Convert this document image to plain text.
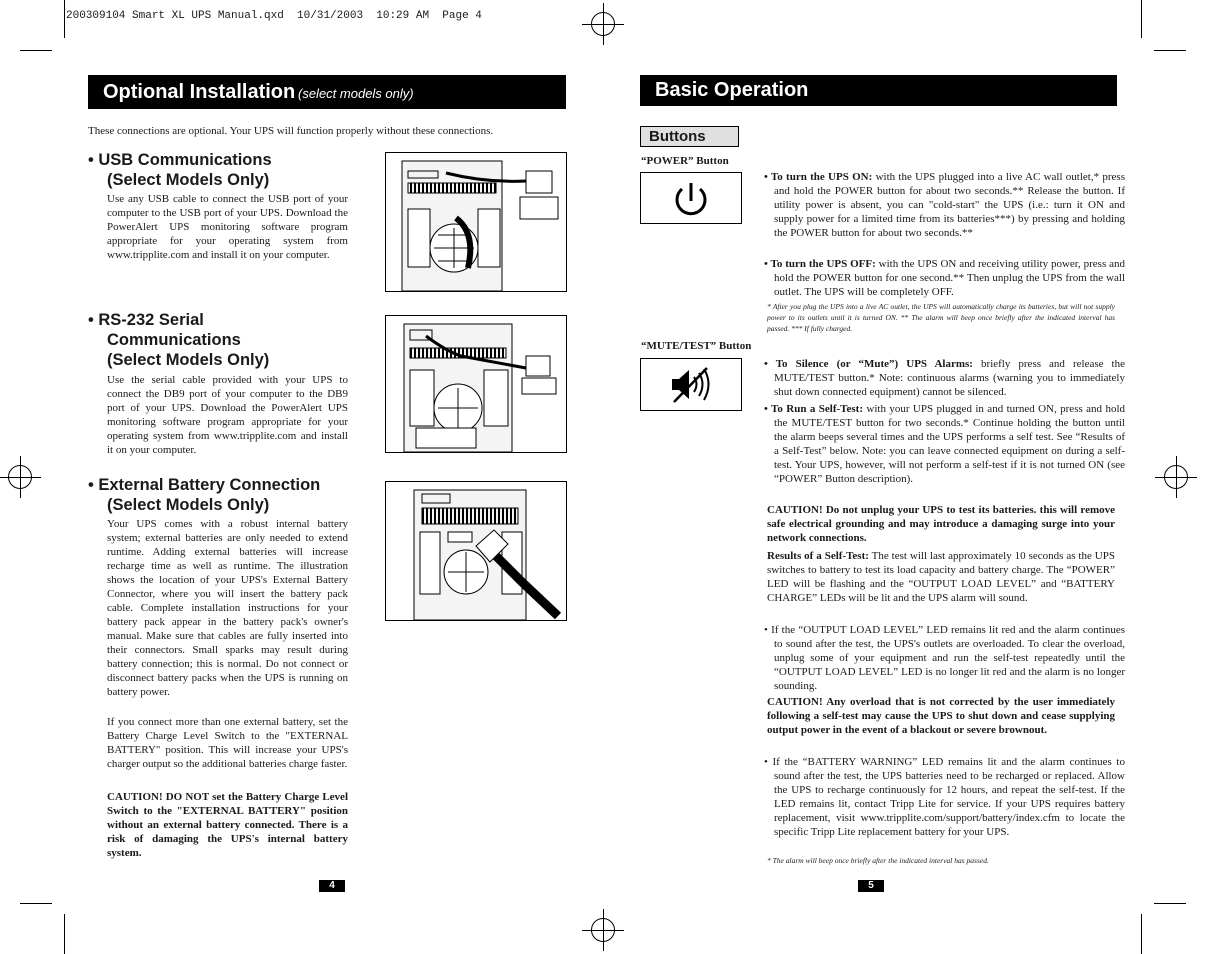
200309104 Smart XL UPS Manual.qxd  10/31/2003  10:29 AM  Page 4
Optional Installation (select models only)
These connections are optional. Your UPS will function properly without these connections.
• USB Communications
(Select Models Only)
Use any USB cable to connect the USB port of your computer to the USB port of your UPS. Download the PowerAlert UPS monitoring software program appropriate for your operating system from www.tripplite.com and install it on your computer.
• RS-232 Serial
Communications
(Select Models Only)
Use the serial cable provided with your UPS to connect the DB9 port of your computer to the DB9 port of your UPS. Download the PowerAlert UPS monitoring software program appropriate for your operating system from www.tripplite.com and install it on your computer.
• External Battery Connection
(Select Models Only)
Your UPS comes with a robust internal battery system; external batteries are only needed to extend runtime. Adding external batteries will increase recharge time as well as runtime. The illustration shows the location of your UPS's External Battery Connector, where you will insert the battery pack cable. Complete installation instructions for your battery pack appear in the battery pack's owner's manual. Make sure that cables are fully inserted into their connectors. Small sparks may result during battery connection; this is normal. Do not connect or disconnect battery packs when the UPS is running on battery power.
If you connect more than one external battery, set the Battery Charge Level Switch to the "EXTERNAL BATTERY" position. This will increase your UPS's charger output so the additional batteries charge faster.
CAUTION! DO NOT set the Battery Charge Level Switch to the "EXTERNAL BATTERY" position without an external battery connected. There is a risk of damaging the UPS's internal battery system.
4
Basic Operation
Buttons
“POWER” Button
• To turn the UPS ON: with the UPS plugged into a live AC wall outlet,* press and hold the POWER button for about two seconds.** Release the button. If utility power is absent, you can "cold-start" the UPS (i.e.: turn it ON and supply power for a limited time from its batteries***) by pressing and holding the POWER button for about two seconds.**
• To turn the UPS OFF: with the UPS ON and receiving utility power, press and hold the POWER button for one second.** Then unplug the UPS from the wall outlet. The UPS will be completely OFF.
* After you plug the UPS into a live AC outlet, the UPS will automatically charge its batteries, but will not supply power to its outlets until it is turned ON. ** The alarm will beep once briefly after the indicated interval has passed. *** If fully charged.
“MUTE/TEST” Button
• To Silence (or “Mute”) UPS Alarms: briefly press and release the MUTE/TEST button.* Note: continuous alarms (warning you to immediately shut down connected equipment) cannot be silenced.
• To Run a Self-Test: with your UPS plugged in and turned ON, press and hold the MUTE/TEST button for two seconds.* Continue holding the button until the alarm beeps several times and the UPS performs a self test. See “Results of a Self-Test” below. Note: you can leave connected equipment on during a self-test. Your UPS, however, will not perform a self-test if it is not turned ON (see “POWER” Button description).
CAUTION! Do not unplug your UPS to test its batteries. this will remove safe electrical grounding and may introduce a damaging surge into your network connections.
Results of a Self-Test: The test will last approximately 10 seconds as the UPS switches to battery to test its load capacity and battery charge. The “POWER” LED will be flashing and the “OUTPUT LOAD LEVEL” and “BATTERY CHARGE” LEDs will be lit and the UPS alarm will sound.
• If the “OUTPUT LOAD LEVEL” LED remains lit red and the alarm continues to sound after the test, the UPS's outlets are overloaded. To clear the overload, unplug some of your equipment and run the self-test repeatedly until the “OUTPUT LOAD LEVEL” LED is no longer lit red and the alarm is no longer sounding.
CAUTION! Any overload that is not corrected by the user immediately following a self-test may cause the UPS to shut down and cease supplying output power in the event of a blackout or severe brownout.
• If the “BATTERY WARNING” LED remains lit and the alarm continues to sound after the test, the UPS batteries need to be recharged or replaced. Allow the UPS to recharge continuously for 12 hours, and repeat the self-test. If the LED remains lit, contact Tripp Lite for service. If your UPS requires battery replacement, visit www.tripplite.com/support/battery/index.cfm to locate the specific Tripp Lite replacement battery for your UPS.
* The alarm will beep once briefly after the indicated interval has passed.
5
